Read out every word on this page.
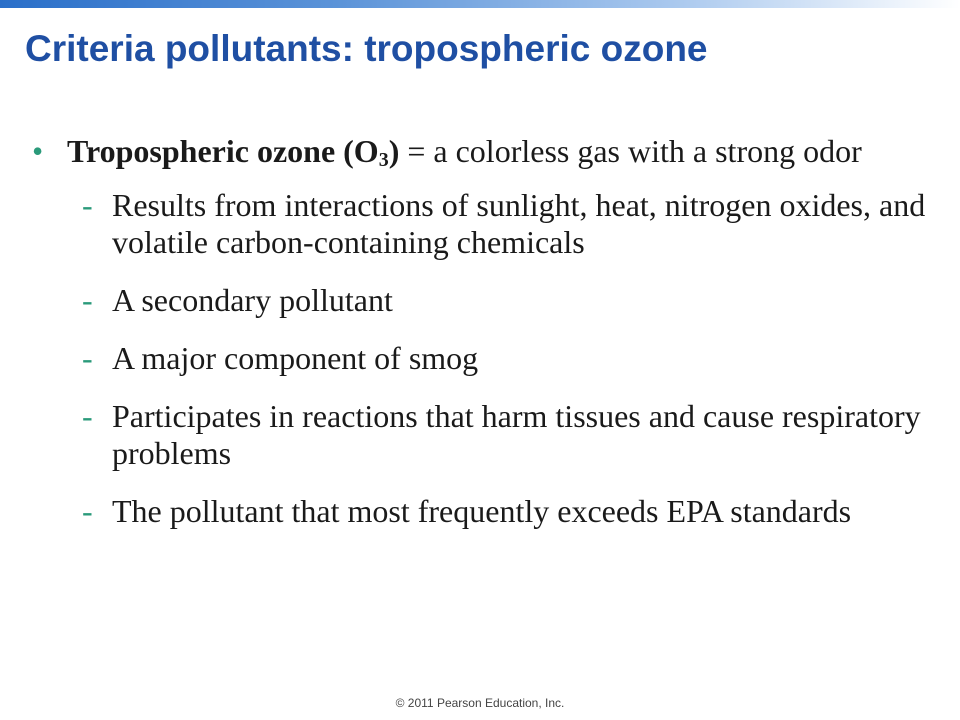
Criteria pollutants: tropospheric ozone
• Tropospheric ozone $(O_3) = a$ colorless gas with a strong odor
- Results from interactions of sunlight, heat, nitrogen oxides, and volatile carbon-containing chemicals
- A secondary pollutant
- A major component of smog
- Participates in reactions that harm tissues and cause respiratory problems
- The pollutant that most frequently exceeds EPA standards
© 2011 Pearson Education, Inc.
